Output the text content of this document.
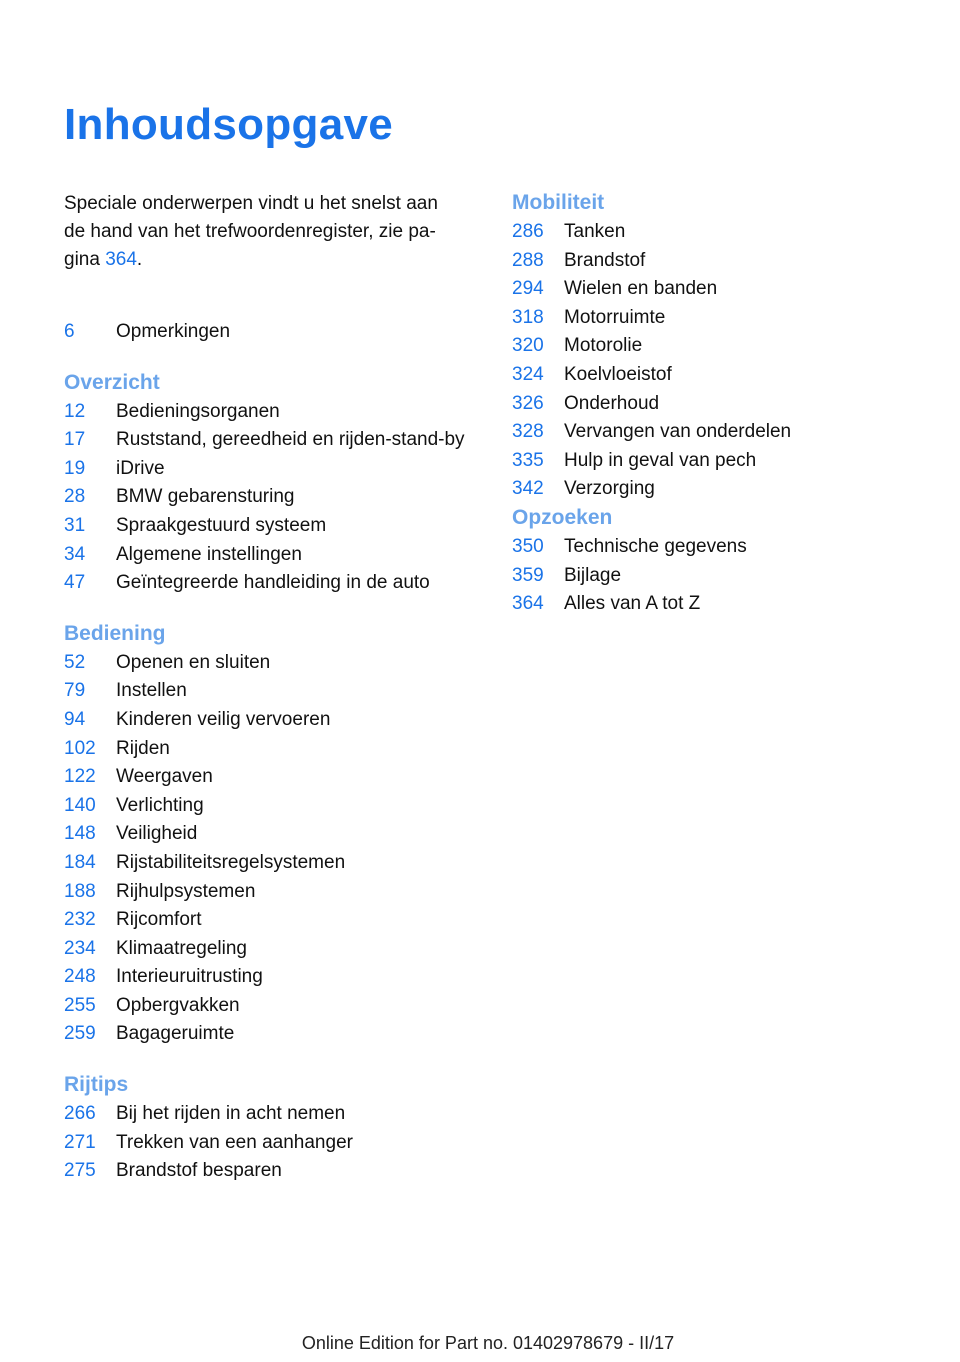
Inhoudsopgave
Speciale onderwerpen vindt u het snelst aan de hand van het trefwoordenregister, zie pagina 364.
6	Opmerkingen
Overzicht
12	Bedieningsorganen
17	Ruststand, gereedheid en rijden-stand-by
19	iDrive
28	BMW gebarensturing
31	Spraakgestuurd systeem
34	Algemene instellingen
47	Geïntegreerde handleiding in de auto
Bediening
52	Openen en sluiten
79	Instellen
94	Kinderen veilig vervoeren
102	Rijden
122	Weergaven
140	Verlichting
148	Veiligheid
184	Rijstabiliteitsregelsystemen
188	Rijhulpsystemen
232	Rijcomfort
234	Klimaatregeling
248	Interieuruitrusting
255	Opbergvakken
259	Bagageruimte
Rijtips
266	Bij het rijden in acht nemen
271	Trekken van een aanhanger
275	Brandstof besparen
Mobiliteit
286	Tanken
288	Brandstof
294	Wielen en banden
318	Motorruimte
320	Motorolie
324	Koelvloeistof
326	Onderhoud
328	Vervangen van onderdelen
335	Hulp in geval van pech
342	Verzorging
Opzoeken
350	Technische gegevens
359	Bijlage
364	Alles van A tot Z
Online Edition for Part no. 01402978679 - II/17
